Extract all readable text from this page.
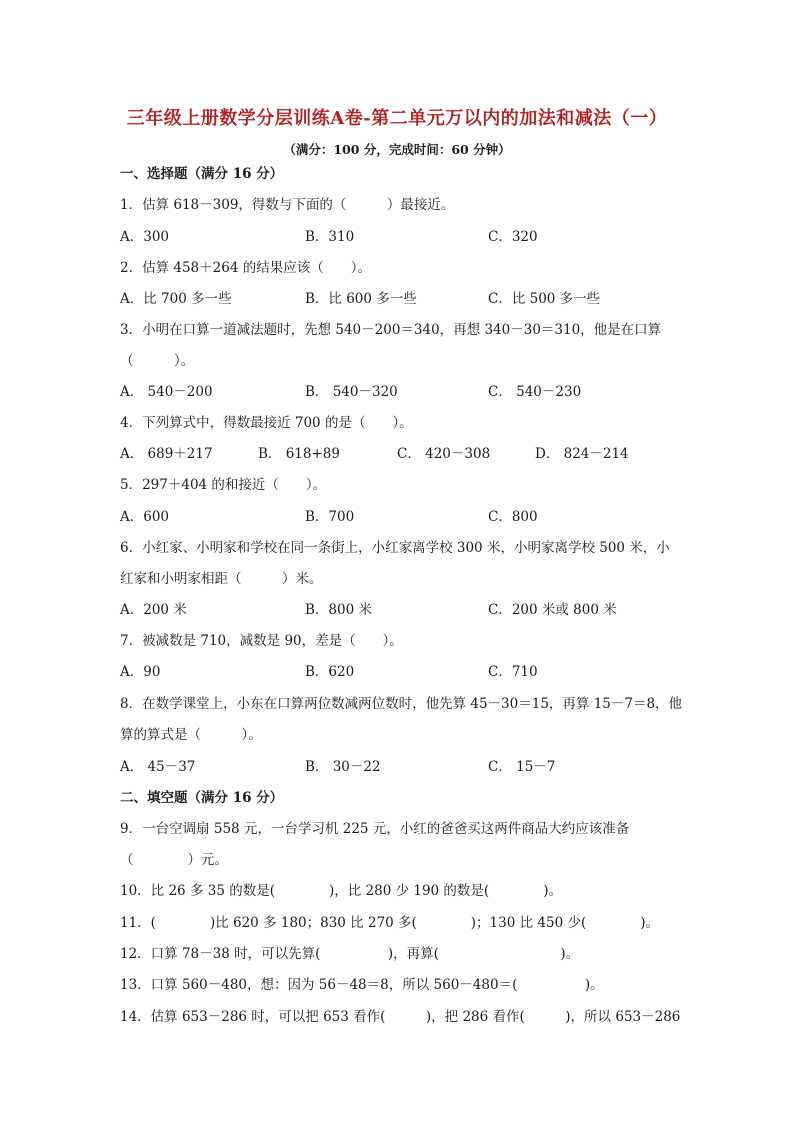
三年级上册数学分层训练A卷-第二单元万以内的加法和减法（一）
（满分：100 分，完成时间：60 分钟）
一、选择题（满分 16 分）
1．估算 618－309，得数与下面的（　　　）最接近。
A．300	B．310	C．320
2．估算 458＋264 的结果应该（　　）。
A．比 700 多一些	B．比 600 多一些	C．比 500 多一些
3．小明在口算一道减法题时，先想 540－200＝340，再想 340－30＝310，他是在口算
（　　　）。
A． 540－200	B． 540－320	C． 540－230
4．下列算式中，得数最接近 700 的是（　　）。
A． 689＋217	B． 618+89	C． 420－308	D． 824－214
5．297＋404 的和接近（　　）。
A．600	B．700	C．800
6．小红家、小明家和学校在同一条街上，小红家离学校 300 米，小明家离学校 500 米，小
红家和小明家相距（　　　）米。
A．200 米	B．800 米	C．200 米或 800 米
7．被减数是 710，减数是 90，差是（　　）。
A．90	B．620	C．710
8．在数学课堂上，小东在口算两位数减两位数时，他先算 45－30＝15，再算 15－7＝8，他
算的算式是（　　　）。
A． 45－37	B． 30－22	C． 15－7
二、填空题（满分 16 分）
9．一台空调扇 558 元，一台学习机 225 元，小红的爸爸买这两件商品大约应该准备
（　　　　）元。
10．比 26 多 35 的数是(　　　　)，比 280 少 190 的数是(　　　　)。
11．(　　　　)比 620 多 180；830 比 270 多(　　　　)；130 比 450 少(　　　　)。
12．口算 78－38 时，可以先算(　　　　　)，再算(　　　　　　　　　)。
13．口算 560－480，想：因为 56－48＝8，所以 560－480＝(　　　　　)。
14．估算 653－286 时，可以把 653 看作(　　　)，把 286 看作(　　　)，所以 653－286
